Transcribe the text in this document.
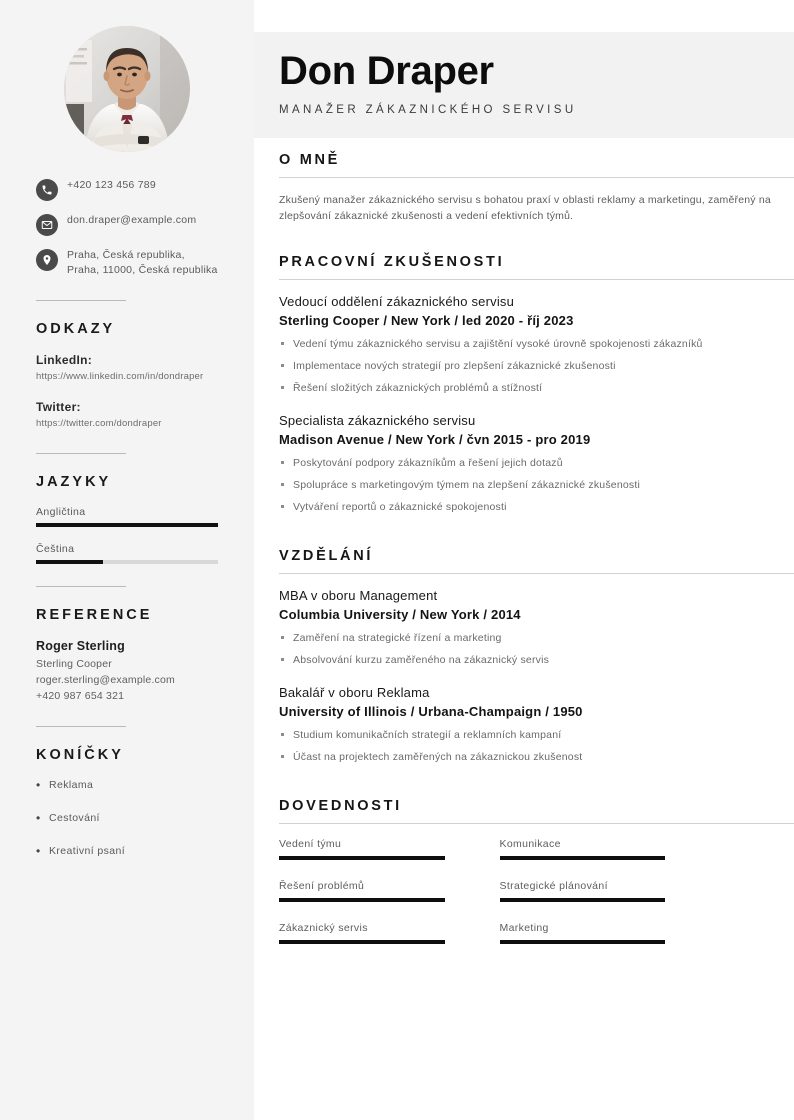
+420 123 456 789
don.draper@example.com
Praha, Česká republika, Praha, 11000, Česká republika
ODKAZY
LinkedIn:
https://www.linkedin.com/in/dondraper
Twitter:
https://twitter.com/dondraper
JAZYKY
Angličtina
Čeština
REFERENCE
Roger Sterling
Sterling Cooper
roger.sterling@example.com
+420 987 654 321
KONÍČKY
• Reklama
• Cestování
• Kreativní psaní
Don Draper
MANAŽER ZÁKAZNICKÉHO SERVISU
O MNĚ

Zkušený manažer zákaznického servisu s bohatou praxí v oblasti reklamy a marketingu, zaměřený na zlepšování zákaznické zkušenosti a vedení efektivních týmů.

PRACOVNÍ ZKUŠENOSTI
Vedoucí oddělení zákaznického servisu
Sterling Cooper / New York / led 2020 - říj 2023
Vedení týmu zákaznického servisu a zajištění vysoké úrovně spokojenosti zákazníků
Implementace nových strategií pro zlepšení zákaznické zkušenosti
Řešení složitých zákaznických problémů a stížností
Specialista zákaznického servisu
Madison Avenue / New York / čvn 2015 - pro 2019
Poskytování podpory zákazníkům a řešení jejich dotazů
Spolupráce s marketingovým týmem na zlepšení zákaznické zkušenosti
Vytváření reportů o zákaznické spokojenosti
VZDĚLÁNÍ
MBA v oboru Management
Columbia University / New York / 2014
Zaměření na strategické řízení a marketing
Absolvování kurzu zaměřeného na zákaznický servis
Bakalář v oboru Reklama
University of Illinois / Urbana-Champaign / 1950
Studium komunikačních strategií a reklamních kampaní
Účast na projektech zaměřených na zákaznickou zkušenost
DOVEDNOSTI
Vedení týmu	Komunikace
Řešení problémů	Strategické plánování
Zákaznický servis	Marketing
